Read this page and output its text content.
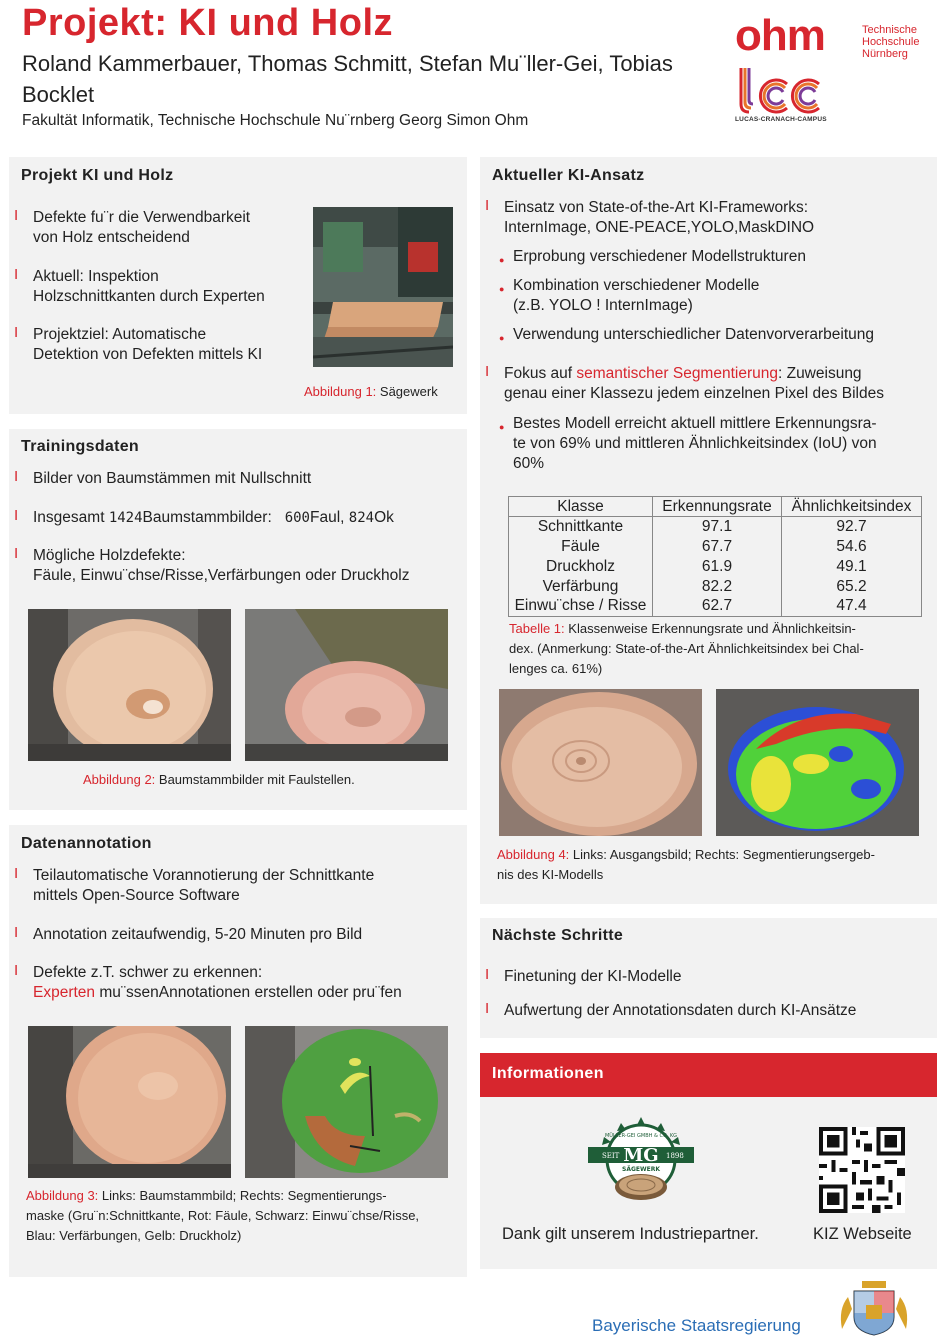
Projekt: KI und Holz
Roland Kammerbauer, Thomas Schmitt, Stefan Mu¨ller-Gei, Tobias Bocklet
Fakultät Informatik, Technische Hochschule Nu¨rnberg Georg Simon Ohm
ohm	Technische
Hochschule
Nürnberg
LUCAS-CRANACH-CAMPUS
Projekt KI und Holz
I Defekte fu¨r die Verwendbarkeit
von Holz entscheidend
I Aktuell: Inspektion
Holzschnittkanten durch Experten
I Projektziel: Automatische
Detektion von Defekten mittels KI
Abbildung 1: Sägewerk
Trainingsdaten
I Bilder von Baumstämmen mit Nullschnitt
I Insgesamt 1424Baumstammbilder: 600Faul, 824Ok
I Mögliche Holzdefekte:
Fäule, Einwu¨chse/Risse,Verfärbungen oder Druckholz
Abbildung 2: Baumstammbilder mit Faulstellen.
Datenannotation
I Teilautomatische Vorannotierung der Schnittkante
mittels Open-Source Software
I Annotation zeitaufwendig, 5-20 Minuten pro Bild
I Defekte z.T. schwer zu erkennen:
Experten mu¨ssenAnnotationen erstellen oder pru¨fen
Abbildung 3: Links: Baumstammbild; Rechts: Segmentierungs-
maske (Gru¨n:Schnittkante, Rot: Fäule, Schwarz: Einwu¨chse/Risse,
Blau: Verfärbungen, Gelb: Druckholz)
Aktueller KI-Ansatz
I Einsatz von State-of-the-Art KI-Frameworks:
InternImage, ONE-PEACE,YOLO,MaskDINO
● Erprobung verschiedener Modellstrukturen
● Kombination verschiedener Modelle
(z.B. YOLO ! InternImage)
● Verwendung unterschiedlicher Datenvorverarbeitung
I Fokus auf semantischer Segmentierung: Zuweisung
genau einer Klassezu jedem einzelnen Pixel des Bildes
● Bestes Modell erreicht aktuell mittlere Erkennungsra-
te von 69% und mittleren Ähnlichkeitsindex (IoU) von
60%
Tabelle 1: Klassenweise Erkennungsrate und Ähnlichkeitsin-
dex. (Anmerkung: State-of-the-Art Ähnlichkeitsindex bei Chal-
lenges ca. 61%)
Abbildung 4: Links: Ausgangsbild; Rechts: Segmentierungsergeb-
nis des KI-Modells
Klasse	Erkennungsrate	Ähnlichkeitsindex
Schnittkante	97.1	92.7
Fäule	67.7	54.6
Druckholz	61.9	49.1
Verfärbung	82.2	65.2
Einwu¨chse / Risse	62.7	47.4
Nächste Schritte
I Finetuning der KI-Modelle
I Aufwertung der Annotationsdaten durch KI-Ansätze
MÜLLER-GEI GMBH & CO. KG
SEIT	1898
MG
SÄGEWERK
Dank gilt unserem Industriepartner.	KIZ Webseite
Informationen
Bayerische Staatsregierung
